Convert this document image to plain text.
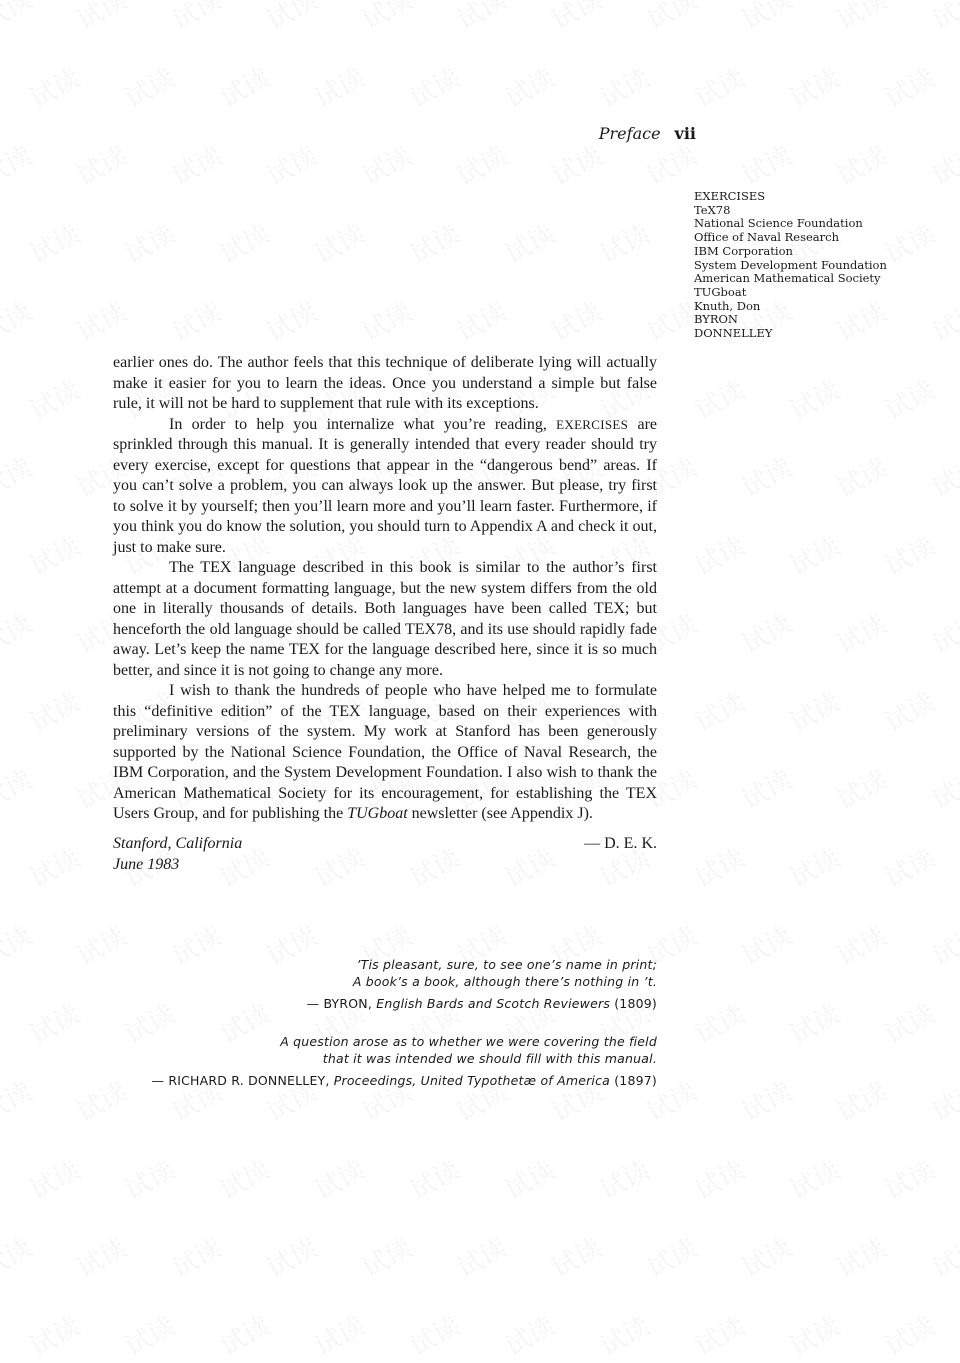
Preface vii
EXERCISES
TeX78
National Science Foundation
Office of Naval Research
IBM Corporation
System Development Foundation
American Mathematical Society
TUGboat
Knuth, Don
BYRON
DONNELLEY

earlier ones do. The author feels that this technique of deliberate lying will actually make it easier for you to learn the ideas. Once you understand a simple but false rule, it will not be hard to supplement that rule with its exceptions.

In order to help you internalize what you’re reading, EXERCISES are sprinkled through this manual. It is generally intended that every reader should try every exercise, except for questions that appear in the “dangerous bend” areas. If you can’t solve a problem, you can always look up the answer. But please, try first to solve it by yourself; then you’ll learn more and you’ll learn faster. Furthermore, if you think you do know the solution, you should turn to Appendix A and check it out, just to make sure.

The TEX language described in this book is similar to the author’s first attempt at a document formatting language, but the new system differs from the old one in literally thousands of details. Both languages have been called TEX; but henceforth the old language should be called TEX78, and its use should rapidly fade away. Let’s keep the name TEX for the language described here, since it is so much better, and since it is not going to change any more.

I wish to thank the hundreds of people who have helped me to formulate this “definitive edition” of the TEX language, based on their experiences with preliminary versions of the system. My work at Stanford has been generously supported by the National Science Foundation, the Office of Naval Research, the IBM Corporation, and the System Development Foundation. I also wish to thank the American Mathematical Society for its encouragement, for establishing the TEX Users Group, and for publishing the TUGboat newsletter (see Appendix J).

Stanford, California	— D. E. K.
June 1983
’Tis pleasant, sure, to see one’s name in print;
A book’s a book, although there’s nothing in ’t.
— BYRON, English Bards and Scotch Reviewers (1809)
A question arose as to whether we were covering the field
that it was intended we should fill with this manual.
— RICHARD R. DONNELLEY, Proceedings, United Typothetæ of America (1897)
